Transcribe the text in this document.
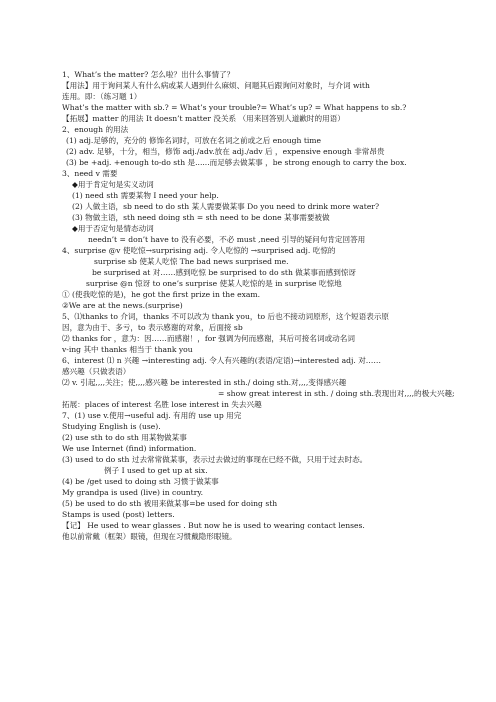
1、What’s the matter? 怎么啦？出什么事情了？
【用法】用于询问某人有什么病或某人遇到什么麻烦、问题其后跟询问对象时，与介词 with
连用。即：（练习题 1）
What’s the matter with sb.? = What’s your trouble?= What’s up? = What happens to sb.?
【拓展】matter 的用法 It doesn’t matter 没关系 （用来回答别人道歉时的用语）
2、enough 的用法
(1) adj.足够的，充分的 修饰名词时，可放在名词之前或之后 enough time
(2) adv. 足够，十分，相当，修饰 adj./adv.放在 adj./adv 后 ，expensive enough 非常昂贵
(3) be +adj. +enough to-do sth 是......而足够去做某事 ，be strong enough to carry the box.
3、need v 需要
◆用于肯定句是实义动词
(1) need sth 需要某物 I need your help.
(2) 人做主语，sb need to do sth 某人需要做某事 Do you need to drink more water?
(3) 物做主语，sth need doing sth = sth need to be done 某事需要被做
◆用于否定句是情态动词
needn’t = don’t have to 没有必要，不必 must ,need 引导的疑问句肯定回答用
4、surprise @v 使吃惊→surprising adj. 令人吃惊的 →surprised adj. 吃惊的
surprise sb 使某人吃惊 The bad news surprised me.
be surprised at 对……感到吃惊 be surprised to do sth 做某事而感到惊讶
surprise @n 惊讶 to one’s surprise 使某人吃惊的是 in surprise 吃惊地
① (使我吃惊的是)，he got the first prize in the exam.
②We are at the news.(surprise)
5、⑴thanks to 介词，thanks 不可以改为 thank you，to 后也不接动词原形，这个短语表示原
因，意为由于、多亏，to 表示感谢的对象，后面接 sb
⑵ thanks for ，意为：因……而感谢！，for 强调为何而感谢，其后可接名词或动名词
v-ing 其中 thanks 相当于 thank you
6、interest ⑴ n 兴趣 →interesting adj. 令人有兴趣的(表语/定语)→interested adj. 对……
感兴趣（只做表语）
⑵ v. 引起,,,,关注；使,,,,感兴趣 be interested in sth./ doing sth.对,,,,变得感兴趣
= show great interest in sth. / doing sth.表现出对,,,,的极大兴趣;
拓展：places of interest 名胜 lose interest in 失去兴趣
7、(1) use v.使用→useful adj. 有用的 use up 用完
Studying English is (use).
(2) use sth to do sth 用某物做某事
We use Internet (find) information.
(3) used to do sth 过去常常做某事，表示过去做过的事现在已经不做，只用于过去时态。
例子 I used to get up at six.
(4) be /get used to doing sth 习惯于做某事
My grandpa is used (live) in country.
(5) be used to do sth 被用来做某事=be used for doing sth
Stamps is used (post) letters.
【记】 He used to wear glasses . But now he is used to wearing contact lenses.
他以前常戴（框架）眼镜，但现在习惯戴隐形眼镜。
